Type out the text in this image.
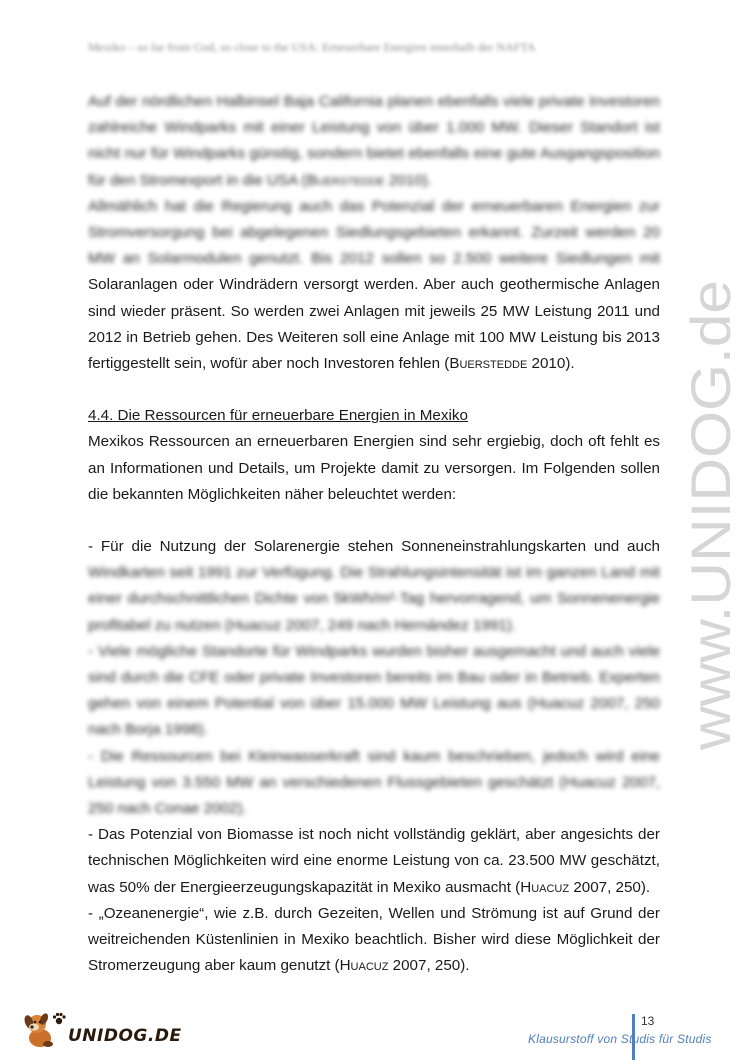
Mexiko – so far from God, so close to the USA: Erneuerbare Energien innerhalb der NAFTA

Auf der nördlichen Halbinsel Baja California planen ebenfalls viele private Investoren zahlreiche Windparks mit einer Leistung von über 1.000 MW. Dieser Standort ist nicht nur für Windparks günstig, sondern bietet ebenfalls eine gute Ausgangsposition für den Stromexport in die USA (Buerstedde 2010).

Allmählich hat die Regierung auch das Potenzial der erneuerbaren Energien zur Stromversorgung bei abgelegenen Siedlungsgebieten erkannt. Zurzeit werden 20 MW an Solarmodulen genutzt. Bis 2012 sollen so 2.500 weitere Siedlungen mit Solaranlagen oder Windrädern versorgt werden. Aber auch geothermische Anlagen sind wieder präsent. So werden zwei Anlagen mit jeweils 25 MW Leistung 2011 und 2012 in Betrieb gehen. Des Weiteren soll eine Anlage mit 100 MW Leistung bis 2013 fertiggestellt sein, wofür aber noch Investoren fehlen (Buerstedde 2010).

4.4. Die Ressourcen für erneuerbare Energien in Mexiko

Mexikos Ressourcen an erneuerbaren Energien sind sehr ergiebig, doch oft fehlt es an Informationen und Details, um Projekte damit zu versorgen. Im Folgenden sollen die bekannten Möglichkeiten näher beleuchtet werden:

- Für die Nutzung der Solarenergie stehen Sonneneinstrahlungskarten und auch Windkarten seit 1991 zur Verfügung. Die Strahlungsintensität ist im ganzen Land mit einer durchschnittlichen Dichte von 5kWh/m²·Tag hervorragend, um Sonnenenergie profitabel zu nutzen (Huacuz 2007, 249 nach Hernández 1991).

- Viele mögliche Standorte für Windparks wurden bisher ausgemacht und auch viele sind durch die CFE oder private Investoren bereits im Bau oder in Betrieb. Experten gehen von einem Potential von über 15.000 MW Leistung aus (Huacuz 2007, 250 nach Borja 1998).

- Die Ressourcen bei Kleinwasserkraft sind kaum beschrieben, jedoch wird eine Leistung von 3.550 MW an verschiedenen Flussgebieten geschätzt (Huacuz 2007, 250 nach Conae 2002).

- Das Potenzial von Biomasse ist noch nicht vollständig geklärt, aber angesichts der technischen Möglichkeiten wird eine enorme Leistung von ca. 23.500 MW geschätzt, was 50% der Energieerzeugungskapazität in Mexiko ausmacht (Huacuz 2007, 250).

- „Ozeanenergie“, wie z.B. durch Gezeiten, Wellen und Strömung ist auf Grund der weitreichenden Küstenlinien in Mexiko beachtlich. Bisher wird diese Möglichkeit der Stromerzeugung aber kaum genutzt (Huacuz 2007, 250).

www.UNIDOG.de
UNIDOG.DE
13
Klausurstoff von Studis für Studis
